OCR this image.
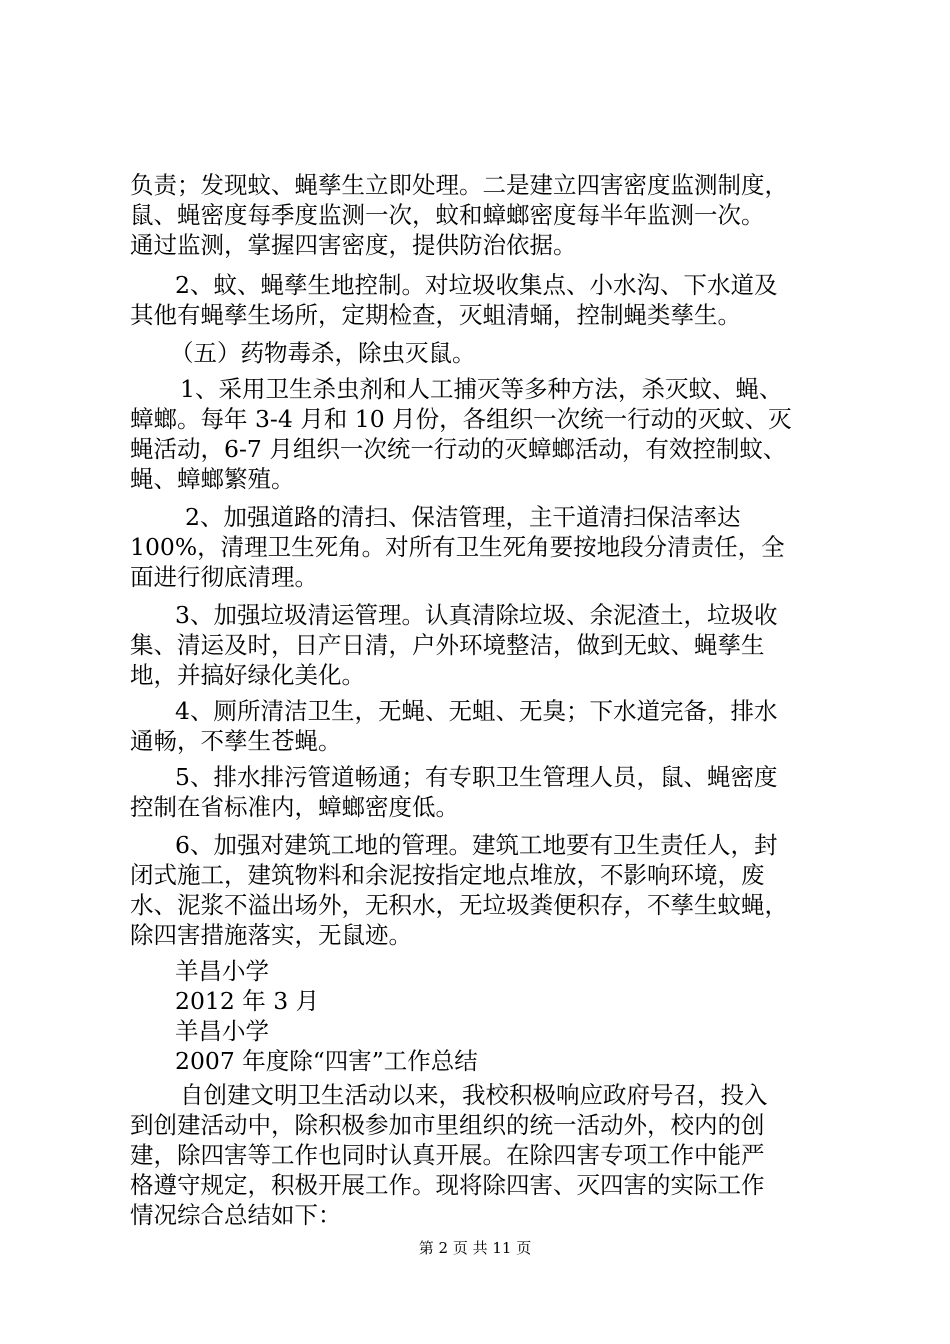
负责；发现蚊、蝇孳生立即处理。二是建立四害密度监测制度，
鼠、蝇密度每季度监测一次，蚊和蟑螂密度每半年监测一次。
通过监测，掌握四害密度，提供防治依据。
2、蚊、蝇孳生地控制。对垃圾收集点、小水沟、下水道及
其他有蝇孳生场所，定期检查，灭蛆清蛹，控制蝇类孳生。
（五）药物毒杀，除虫灭鼠。
1、采用卫生杀虫剂和人工捕灭等多种方法，杀灭蚊、蝇、
蟑螂。每年 3-4 月和 10 月份，各组织一次统一行动的灭蚊、灭
蝇活动，6-7 月组织一次统一行动的灭蟑螂活动，有效控制蚊、
蝇、蟑螂繁殖。
2、加强道路的清扫、保洁管理，主干道清扫保洁率达
100%，清理卫生死角。对所有卫生死角要按地段分清责任，全
面进行彻底清理。
3、加强垃圾清运管理。认真清除垃圾、余泥渣土，垃圾收
集、清运及时，日产日清，户外环境整洁，做到无蚊、蝇孳生
地，并搞好绿化美化。
4、厕所清洁卫生，无蝇、无蛆、无臭；下水道完备，排水
通畅，不孳生苍蝇。
5、排水排污管道畅通；有专职卫生管理人员，鼠、蝇密度
控制在省标准内，蟑螂密度低。
6、加强对建筑工地的管理。建筑工地要有卫生责任人，封
闭式施工，建筑物料和余泥按指定地点堆放，不影响环境，废
水、泥浆不溢出场外，无积水，无垃圾粪便积存，不孳生蚊蝇，
除四害措施落实，无鼠迹。
羊昌小学
2012 年 3 月
羊昌小学
2007 年度除“四害”工作总结
自创建文明卫生活动以来，我校积极响应政府号召，投入
到创建活动中，除积极参加市里组织的统一活动外，校内的创
建，除四害等工作也同时认真开展。在除四害专项工作中能严
格遵守规定，积极开展工作。现将除四害、灭四害的实际工作
情况综合总结如下：
第 2 页 共 11 页
